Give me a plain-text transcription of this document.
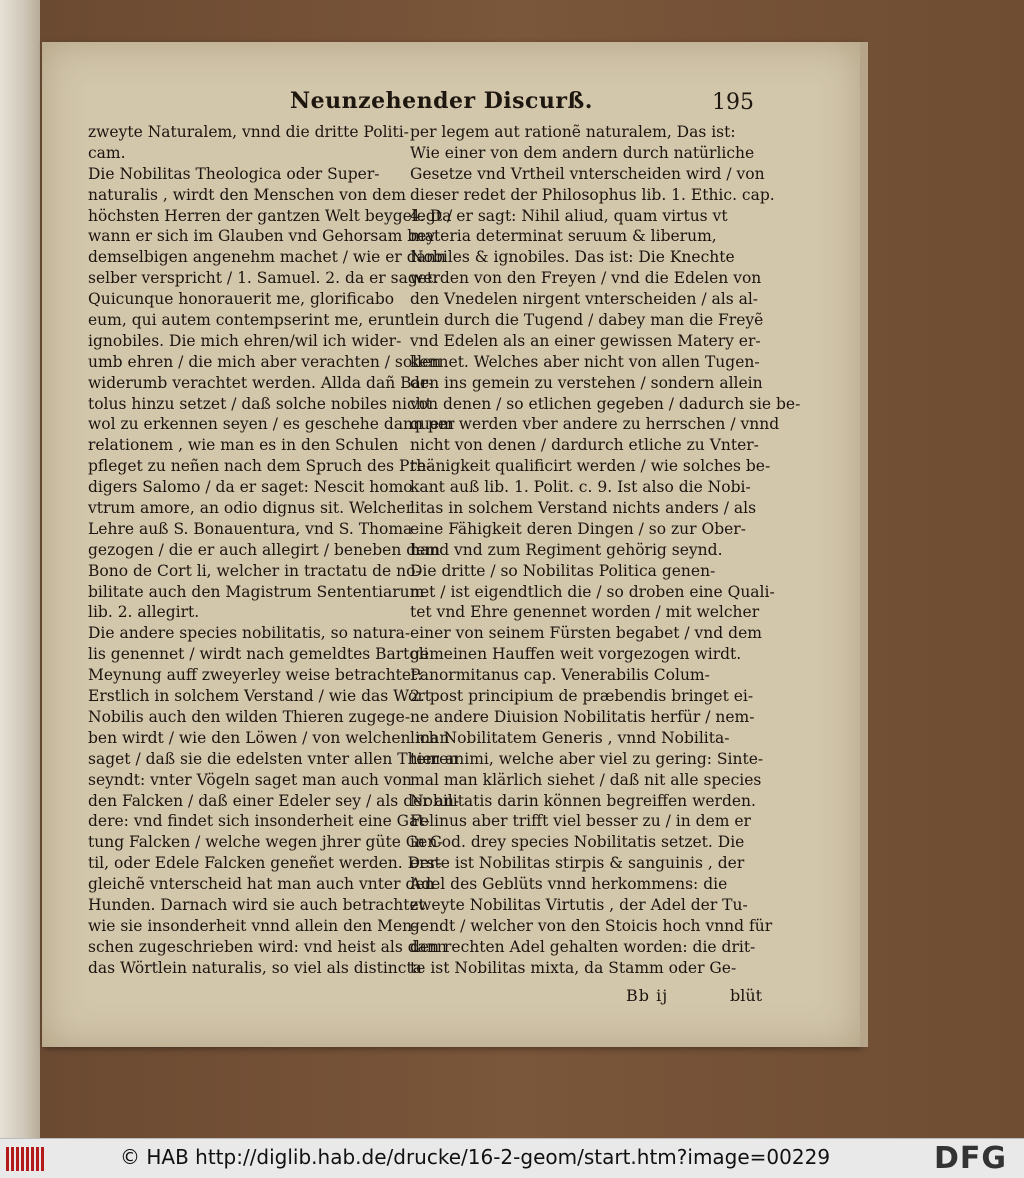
Neunzehender Discurß.	195
zweyte Naturalem, vnnd die dritte Politi-
cam.
Die Nobilitas Theologica oder Super-
naturalis , wirdt den Menschen von dem
höchsten Herren der gantzen Welt beygelegt /
wann er sich im Glauben vnd Gehorsam bey
demselbigen angenehm machet / wie er dann
selber verspricht / 1. Samuel. 2. da er saget:
Quicunque honorauerit me, glorificabo
eum, qui autem contempserint me, erunt
ignobiles. Die mich ehren/wil ich wider-
umb ehren / die mich aber verachten / sollen
widerumb verachtet werden. Allda dañ Bar-
tolus hinzu setzet / daß solche nobiles nicht
wol zu erkennen seyen / es geschehe dann per
relationem , wie man es in den Schulen
pfleget zu neñen nach dem Spruch des Pre-
digers Salomo / da er saget: Nescit homo
vtrum amore, an odio dignus sit. Welcher
Lehre auß S. Bonauentura, vnd S. Thoma
gezogen / die er auch allegirt / beneben dem
Bono de Cort li, welcher in tractatu de no-
bilitate auch den Magistrum Sententiarum
lib. 2. allegirt.
Die andere species nobilitatis, so natura-
lis genennet / wirdt nach gemeldtes Bartoli
Meynung auff zweyerley weise betrachtet:
Erstlich in solchem Verstand / wie das Wort
Nobilis auch den wilden Thieren zugege-
ben wirdt / wie den Löwen / von welchen man
saget / daß sie die edelsten vnter allen Thieren
seyndt: vnter Vögeln saget man auch von
den Falcken / daß einer Edeler sey / als der an-
dere: vnd findet sich insonderheit eine Gat-
tung Falcken / welche wegen jhrer güte Gen-
til, oder Edele Falcken geneñet werden. Der-
gleichẽ vnterscheid hat man auch vnter den
Hunden. Darnach wird sie auch betrachtet
wie sie insonderheit vnnd allein den Men-
schen zugeschrieben wird: vnd heist als dann
das Wörtlein naturalis, so viel als distincta
per legem aut rationẽ naturalem, Das ist:
Wie einer von dem andern durch natürliche
Gesetze vnd Vrtheil vnterscheiden wird / von
dieser redet der Philosophus lib. 1. Ethic. cap.
4. Da er sagt: Nihil aliud, quam virtus vt
materia determinat seruum & liberum,
Nobiles & ignobiles. Das ist: Die Knechte
werden von den Freyen / vnd die Edelen von
den Vnedelen nirgent vnterscheiden / als al-
lein durch die Tugend / dabey man die Freyẽ
vnd Edelen als an einer gewissen Matery er-
kennet. Welches aber nicht von allen Tugen-
den ins gemein zu verstehen / sondern allein
von denen / so etlichen gegeben / dadurch sie be-
quem werden vber andere zu herrschen / vnnd
nicht von denen / dardurch etliche zu Vnter-
thänigkeit qualificirt werden / wie solches be-
kant auß lib. 1. Polit. c. 9. Ist also die Nobi-
litas in solchem Verstand nichts anders / als
eine Fähigkeit deren Dingen / so zur Ober-
hand vnd zum Regiment gehörig seynd.
Die dritte / so Nobilitas Politica genen-
net / ist eigendtlich die / so droben eine Quali-
tet vnd Ehre genennet worden / mit welcher
einer von seinem Fürsten begabet / vnd dem
gemeinen Hauffen weit vorgezogen wirdt.
Panormitanus cap. Venerabilis Colum-
2. post principium de præbendis bringet ei-
ne andere Diuision Nobilitatis herfür / nem-
lich Nobilitatem Generis , vnnd Nobilita-
tem animi, welche aber viel zu gering: Sinte-
mal man klärlich siehet / daß nit alle species
Nobilitatis darin können begreiffen werden.
Felinus aber trifft viel besser zu / in dem er
in Cod. drey species Nobilitatis setzet. Die
erste ist Nobilitas stirpis & sanguinis , der
Adel des Geblüts vnnd herkommens: die
zweyte Nobilitas Virtutis , der Adel der Tu-
gendt / welcher von den Stoicis hoch vnnd für
den rechten Adel gehalten worden: die drit-
te ist Nobilitas mixta, da Stamm oder Ge-
Bb ij	blüt
© HAB http://diglib.hab.de/drucke/16-2-geom/start.htm?image=00229	DFG
